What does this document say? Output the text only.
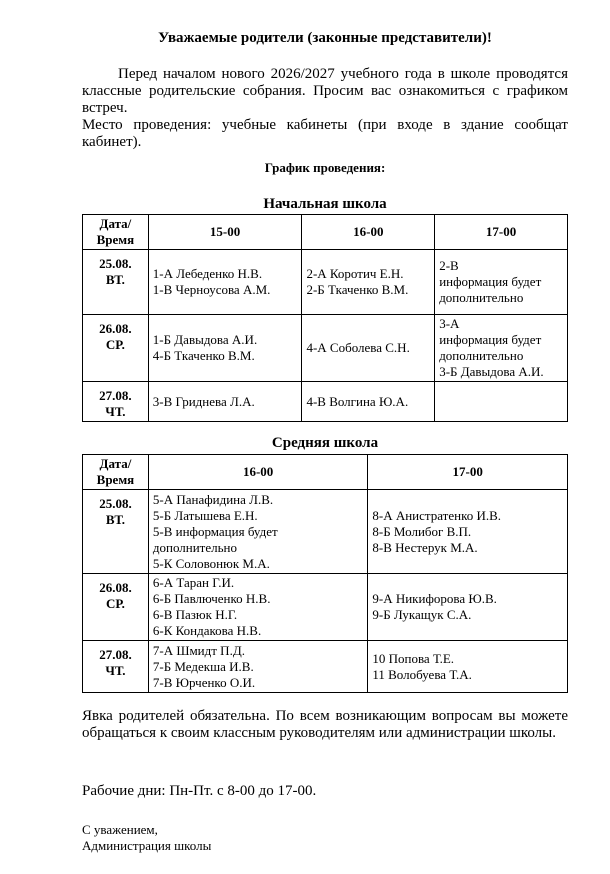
Уважаемые родители (законные представители)!

Перед началом нового 2026/2027 учебного года в школе проводятся классные родительские собрания. Просим вас ознакомиться с графиком встреч.

Место проведения: учебные кабинеты (при входе в здание сообщат кабинет).

График проведения:
Начальная школа
Дата/
Время	15-00	16-00	17-00

25.08.
ВТ.	1-А Лебеденко Н.В.
1-В Черноусова А.М.	2-А Коротич Е.Н.
2-Б Ткаченко В.М.	2-В
информация будет
дополнительно

26.08.
СР.	1-Б Давыдова А.И.
4-Б Ткаченко В.М.	4-А Соболева С.Н.	3-А
информация будет
дополнительно
3-Б Давыдова А.И.

27.08.
ЧТ.	3-В Гриднева Л.А.	4-В Волгина Ю.А.	

Средняя школа
Дата/
Время	16-00	17-00

25.08.
ВТ.	5-А Панафидина Л.В.
5-Б Латышева Е.Н.
5-В информация будет
дополнительно
5-К Соловонюк М.А.	8-А Анистратенко И.В.
8-Б Молибог В.П.
8-В Нестерук М.А.

26.08.
СР.	6-А Таран Г.И.
6-Б Павлюченко Н.В.
6-В Пазюк Н.Г.
6-К Кондакова Н.В.	9-А Никифорова Ю.В.
9-Б Лукащук С.А.

27.08.
ЧТ.	7-А Шмидт П.Д.
7-Б Медекша И.В.
7-В Юрченко О.И.	10 Попова Т.Е.
11 Волобуева Т.А.

Явка родителей обязательна. По всем возникающим вопросам вы можете обращаться к своим классным руководителям или администрации школы.

Рабочие дни: Пн-Пт. с 8-00 до 17-00.
С уважением,
Администрация школы
